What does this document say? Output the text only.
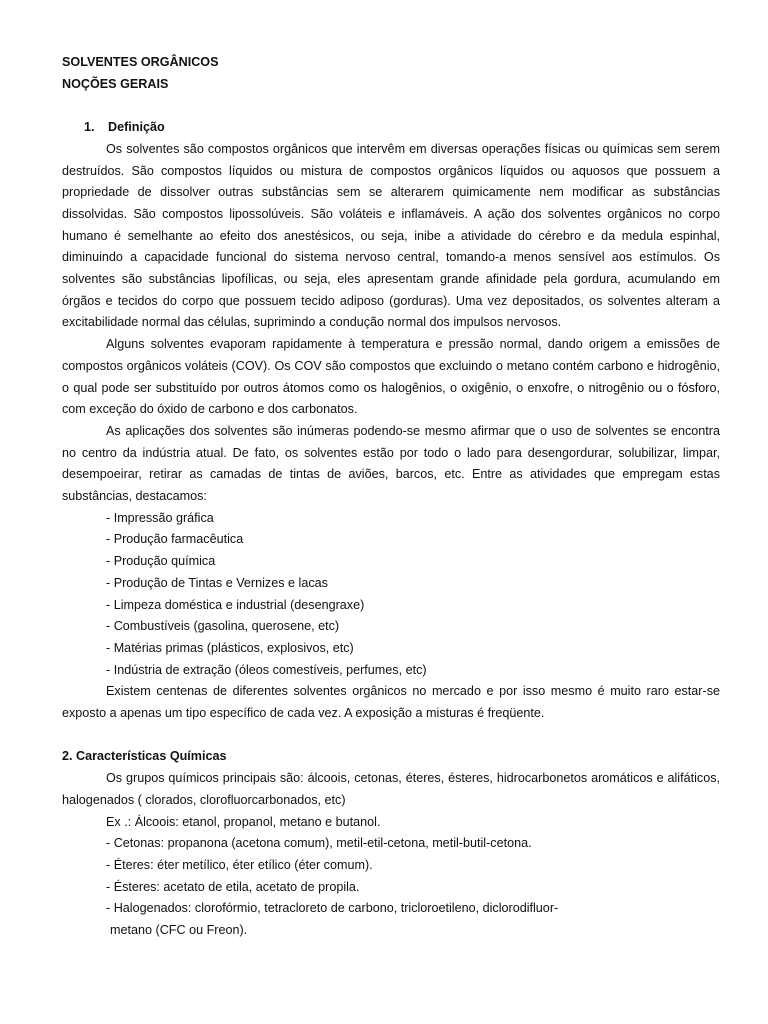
SOLVENTES ORGÂNICOS

NOÇÕES GERAIS

1. Definição

Os solventes são compostos orgânicos que intervêm em diversas operações físicas ou químicas sem serem destruídos. São compostos líquidos ou mistura de compostos orgânicos líquidos ou aquosos que possuem a propriedade de dissolver outras substâncias sem se alterarem quimicamente nem modificar as substâncias dissolvidas. São compostos lipossolúveis. São voláteis e inflamáveis. A ação dos solventes orgânicos no corpo humano é semelhante ao efeito dos anestésicos, ou seja, inibe a atividade do cérebro e da medula espinhal, diminuindo a capacidade funcional do sistema nervoso central, tomando-a menos sensível aos estímulos. Os solventes são substâncias lipofílicas, ou seja, eles apresentam grande afinidade pela gordura, acumulando em órgãos e tecidos do corpo que possuem tecido adiposo (gorduras). Uma vez depositados, os solventes alteram a excitabilidade normal das células, suprimindo a condução normal dos impulsos nervosos.

Alguns solventes evaporam rapidamente à temperatura e pressão normal, dando origem a emissões de compostos orgânicos voláteis (COV). Os COV são compostos que excluindo o metano contém carbono e hidrogênio, o qual pode ser substituído por outros átomos como os halogênios, o oxigênio, o enxofre, o nitrogênio ou o fósforo, com exceção do óxido de carbono e dos carbonatos.

As aplicações dos solventes são inúmeras podendo-se mesmo afirmar que o uso de solventes se encontra no centro da indústria atual. De fato, os solventes estão por todo o lado para desengordurar, solubilizar, limpar, desempoeirar, retirar as camadas de tintas de aviões, barcos, etc. Entre as atividades que empregam estas substâncias, destacamos:

- Impressão gráfica
- Produção farmacêutica
- Produção química
- Produção de Tintas e Vernizes e lacas
- Limpeza doméstica e industrial (desengraxe)
- Combustíveis (gasolina, querosene, etc)
- Matérias primas (plásticos, explosivos, etc)
- Indústria de extração (óleos comestíveis, perfumes, etc)

Existem centenas de diferentes solventes orgânicos no mercado e por isso mesmo é muito raro estar-se exposto a apenas um tipo específico de cada vez. A exposição a misturas é freqüente.

2. Características Químicas

Os grupos químicos principais são: álcoois, cetonas, éteres, ésteres, hidrocarbonetos aromáticos e alifáticos, halogenados ( clorados, clorofluorcarbonados, etc)

Ex .: Álcoois: etanol, propanol, metano e butanol.
- Cetonas: propanona (acetona comum), metil-etil-cetona, metil-butil-cetona.
- Éteres: éter metílico, éter etílico (éter comum).
- Ésteres: acetato de etila, acetato de propila.
- Halogenados: clorofórmio, tetracloreto de carbono, tricloroetileno, diclorodifluor-
metano (CFC ou Freon).
